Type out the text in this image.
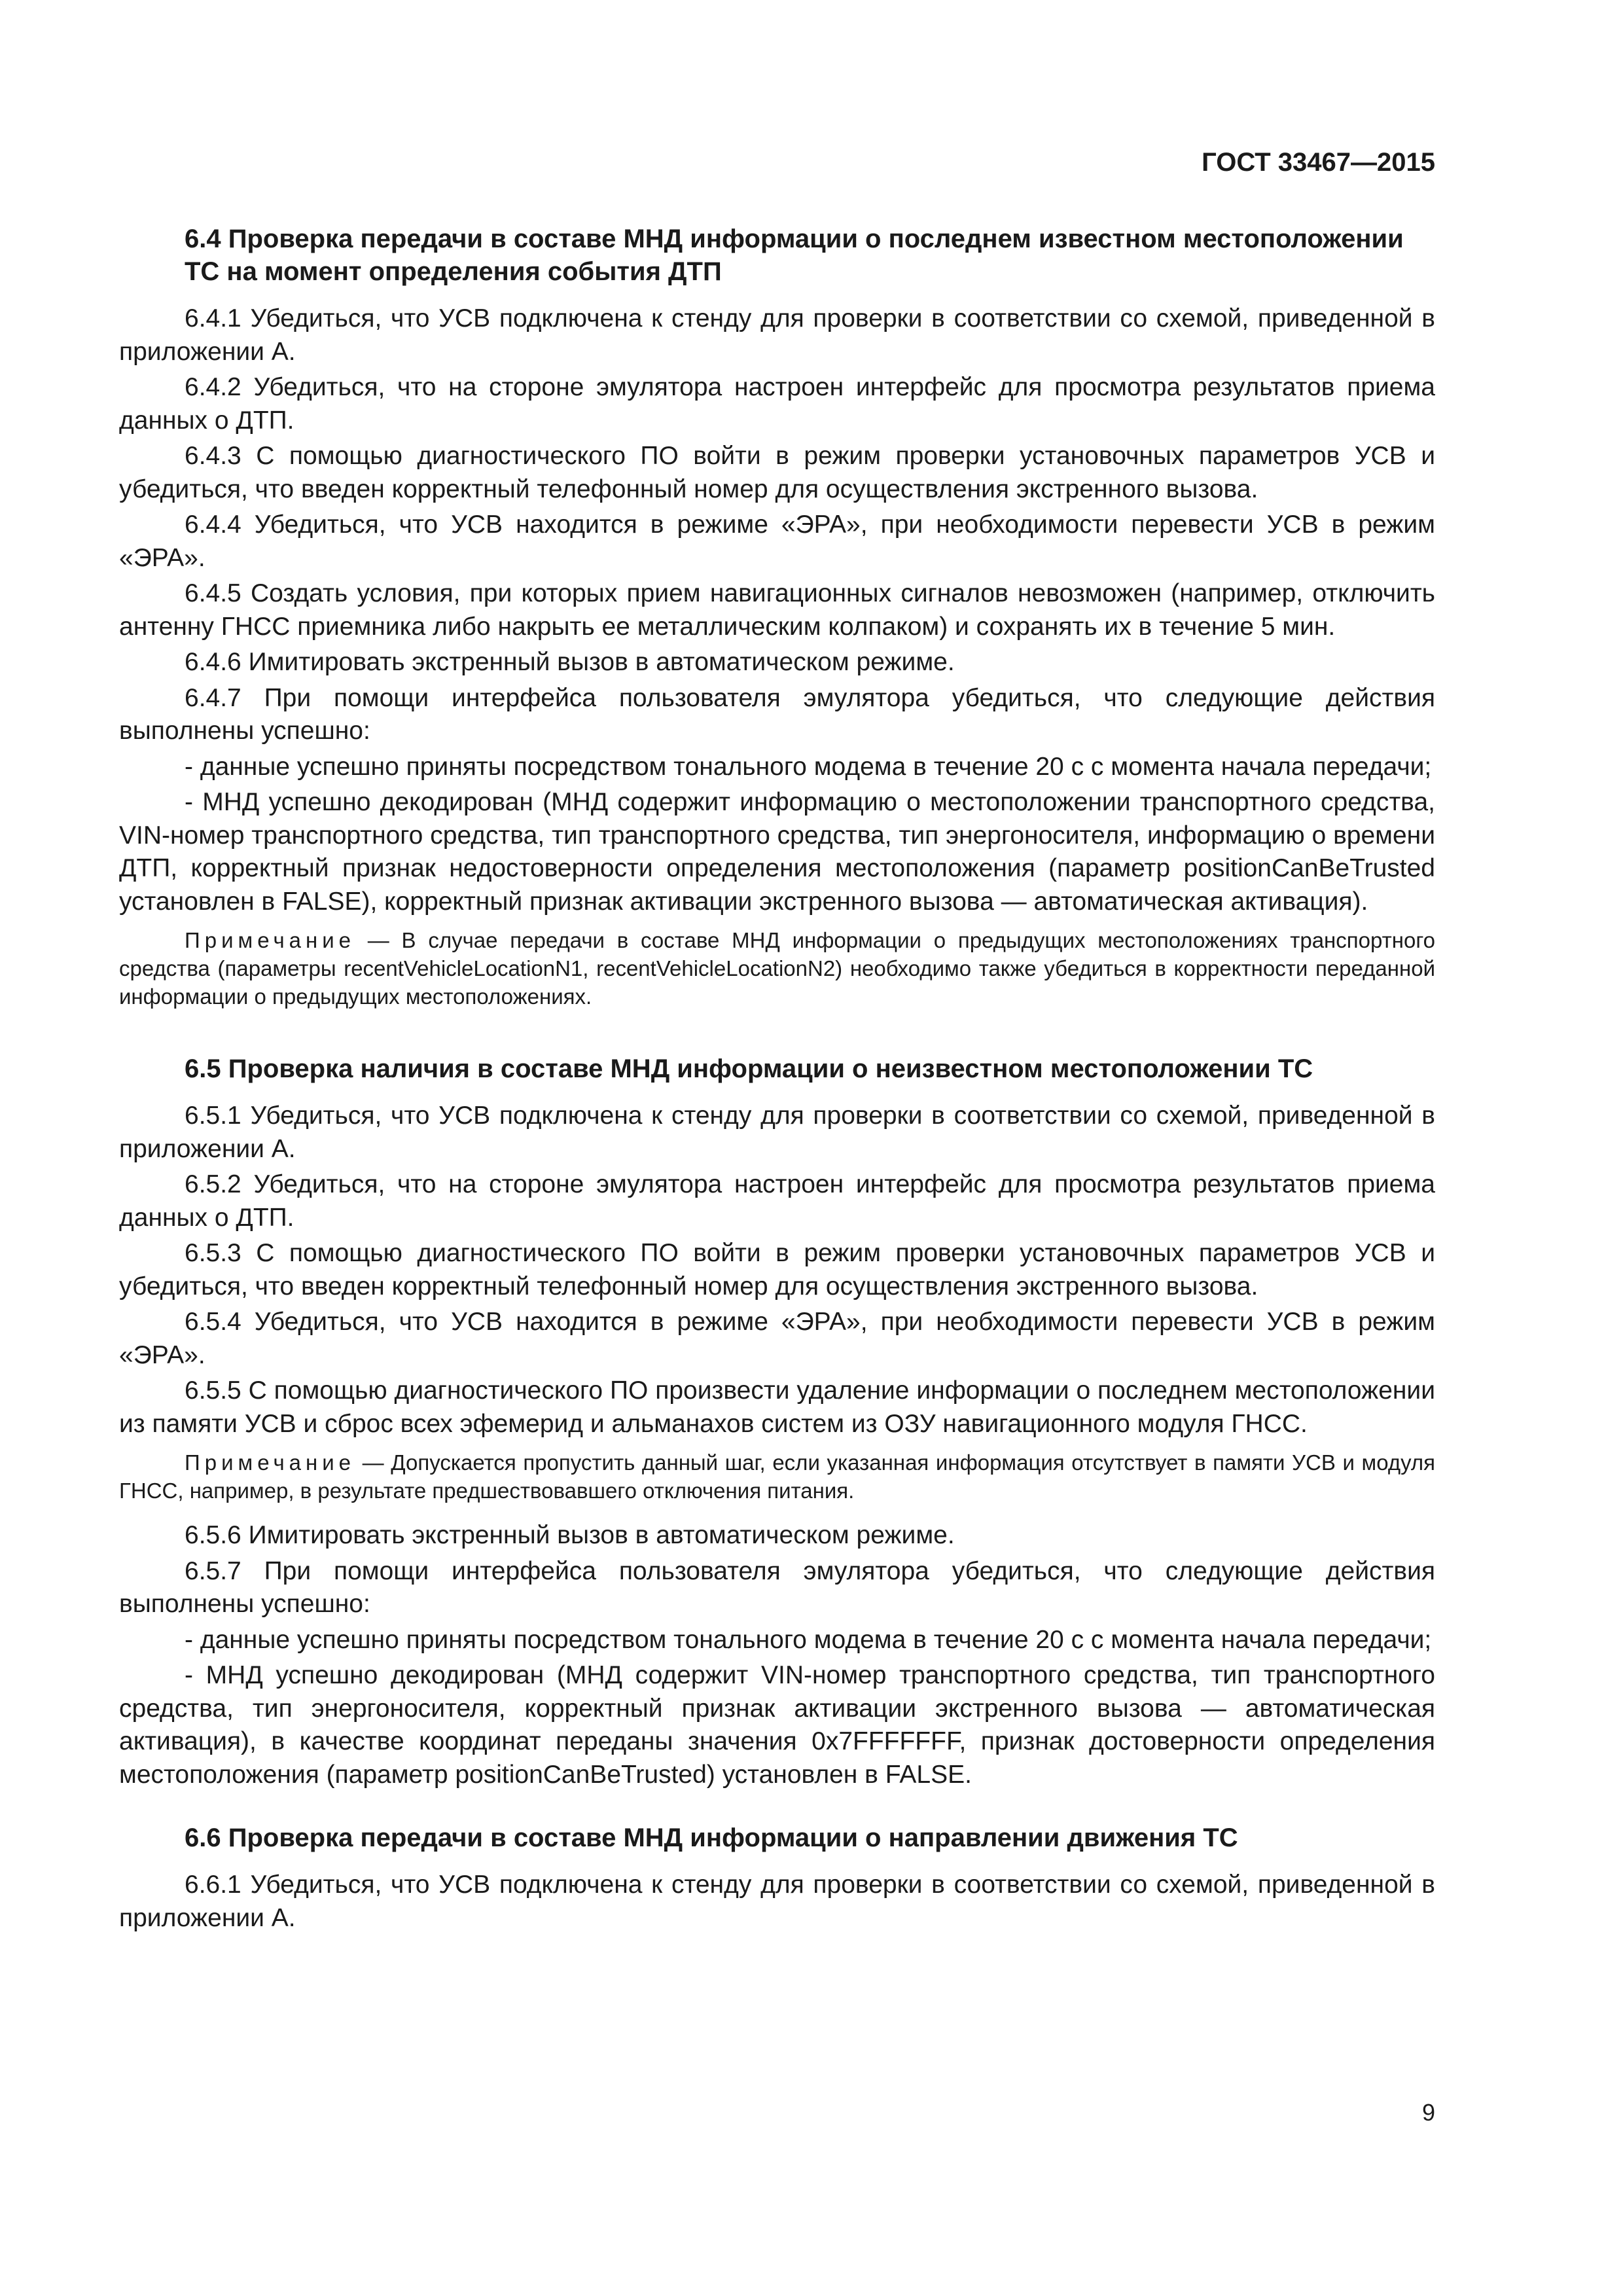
ГОСТ 33467—2015

6.4 Проверка передачи в составе МНД информации о последнем известном местоположении ТС на момент определения события ДТП

6.4.1 Убедиться, что УСВ подключена к стенду для проверки в соответствии со схемой, приведенной в приложении А.

6.4.2 Убедиться, что на стороне эмулятора настроен интерфейс для просмотра результатов приема данных о ДТП.

6.4.3 С помощью диагностического ПО войти в режим проверки установочных параметров УСВ и убедиться, что введен корректный телефонный номер для осуществления экстренного вызова.

6.4.4 Убедиться, что УСВ находится в режиме «ЭРА», при необходимости перевести УСВ в режим «ЭРА».

6.4.5 Создать условия, при которых прием навигационных сигналов невозможен (например, отключить антенну ГНСС приемника либо накрыть ее металлическим колпаком) и сохранять их в течение 5 мин.

6.4.6 Имитировать экстренный вызов в автоматическом режиме.

6.4.7 При помощи интерфейса пользователя эмулятора убедиться, что следующие действия выполнены успешно:

- данные успешно приняты посредством тонального модема в течение 20 с с момента начала передачи;

- МНД успешно декодирован (МНД содержит информацию о местоположении транспортного средства, VIN-номер транспортного средства, тип транспортного средства, тип энергоносителя, информацию о времени ДТП, корректный признак недостоверности определения местоположения (параметр positionCanBeTrusted установлен в FALSE), корректный признак активации экстренного вызова — автоматическая активация).

Примечание — В случае передачи в составе МНД информации о предыдущих местоположениях транспортного средства (параметры recentVehicleLocationN1, recentVehicleLocationN2) необходимо также убедиться в корректности переданной информации о предыдущих местоположениях.

6.5 Проверка наличия в составе МНД информации о неизвестном местоположении ТС

6.5.1 Убедиться, что УСВ подключена к стенду для проверки в соответствии со схемой, приведенной в приложении А.

6.5.2 Убедиться, что на стороне эмулятора настроен интерфейс для просмотра результатов приема данных о ДТП.

6.5.3 С помощью диагностического ПО войти в режим проверки установочных параметров УСВ и убедиться, что введен корректный телефонный номер для осуществления экстренного вызова.

6.5.4 Убедиться, что УСВ находится в режиме «ЭРА», при необходимости перевести УСВ в режим «ЭРА».

6.5.5 С помощью диагностического ПО произвести удаление информации о последнем местоположении из памяти УСВ и сброс всех эфемерид и альманахов систем из ОЗУ навигационного модуля ГНСС.

Примечание — Допускается пропустить данный шаг, если указанная информация отсутствует в памяти УСВ и модуля ГНСС, например, в результате предшествовавшего отключения питания.

6.5.6 Имитировать экстренный вызов в автоматическом режиме.

6.5.7 При помощи интерфейса пользователя эмулятора убедиться, что следующие действия выполнены успешно:

- данные успешно приняты посредством тонального модема в течение 20 с с момента начала передачи;

- МНД успешно декодирован (МНД содержит VIN-номер транспортного средства, тип транспортного средства, тип энергоносителя, корректный признак активации экстренного вызова — автоматическая активация), в качестве координат переданы значения 0x7FFFFFFF, признак достоверности определения местоположения (параметр positionCanBeTrusted) установлен в FALSE.

6.6 Проверка передачи в составе МНД информации о направлении движения ТС

6.6.1 Убедиться, что УСВ подключена к стенду для проверки в соответствии со схемой, приведенной в приложении А.

9
